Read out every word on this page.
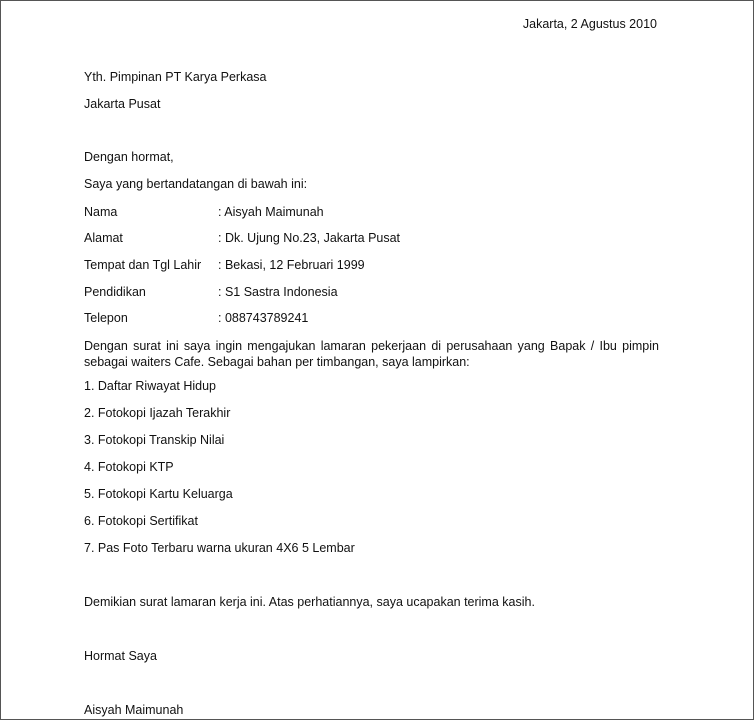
Jakarta, 2 Agustus 2010
Yth. Pimpinan PT Karya Perkasa
Jakarta Pusat
Dengan hormat,
Saya yang bertandatangan di bawah ini:
Nama	: Aisyah Maimunah
Alamat	: Dk. Ujung No.23, Jakarta Pusat
Tempat dan Tgl Lahir : Bekasi, 12 Februari 1999
Pendidikan	: S1 Sastra Indonesia
Telepon	: 088743789241
Dengan surat ini saya ingin mengajukan lamaran pekerjaan di perusahaan yang Bapak / Ibu pimpin sebagai waiters Cafe. Sebagai bahan per timbangan, saya lampirkan:
1. Daftar Riwayat Hidup
2. Fotokopi Ijazah Terakhir
3. Fotokopi Transkip Nilai
4. Fotokopi KTP
5. Fotokopi Kartu Keluarga
6. Fotokopi Sertifikat
7. Pas Foto Terbaru warna ukuran 4X6 5 Lembar
Demikian surat lamaran kerja ini. Atas perhatiannya, saya ucapakan terima kasih.
Hormat Saya
Aisyah Maimunah
